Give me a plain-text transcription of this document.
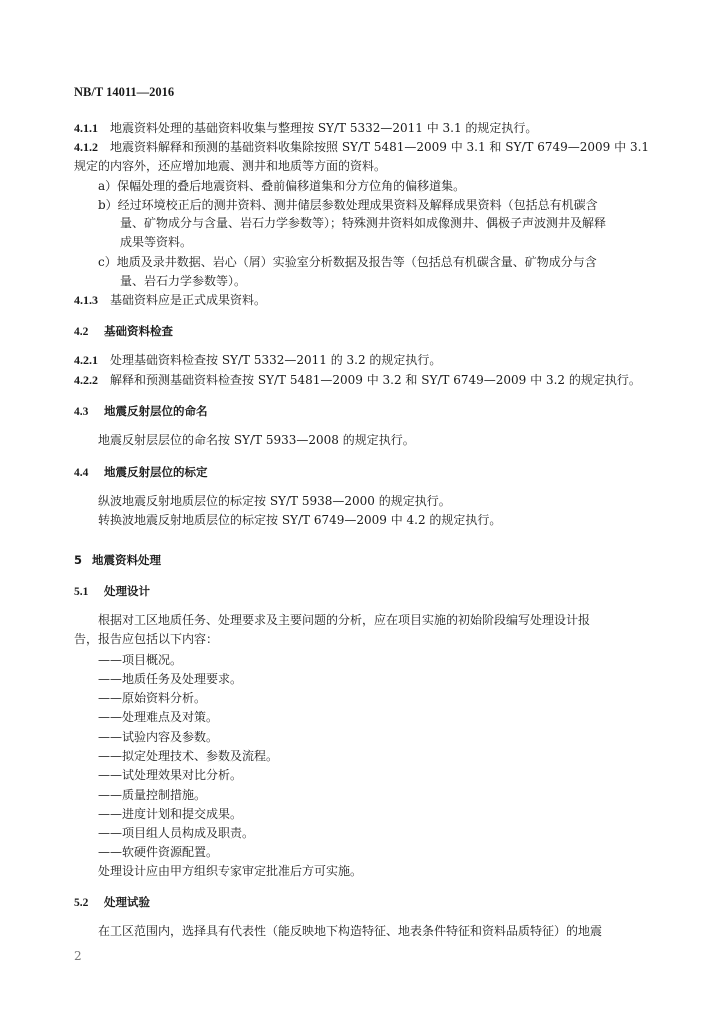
NB/T 14011—2016
4.1.1 地震资料处理的基础资料收集与整理按 SY/T 5332—2011 中 3.1 的规定执行。
4.1.2 地震资料解释和预测的基础资料收集除按照 SY/T 5481—2009 中 3.1 和 SY/T 6749—2009 中 3.1
规定的内容外，还应增加地震、测井和地质等方面的资料。
a）保幅处理的叠后地震资料、叠前偏移道集和分方位角的偏移道集。
b）经过环境校正后的测井资料、测井储层参数处理成果资料及解释成果资料（包括总有机碳含
量、矿物成分与含量、岩石力学参数等）；特殊测井资料如成像测井、偶极子声波测井及解释
成果等资料。
c）地质及录井数据、岩心（屑）实验室分析数据及报告等（包括总有机碳含量、矿物成分与含
量、岩石力学参数等）。
4.1.3 基础资料应是正式成果资料。
4.2 基础资料检查
4.2.1 处理基础资料检查按 SY/T 5332—2011 的 3.2 的规定执行。
4.2.2 解释和预测基础资料检查按 SY/T 5481—2009 中 3.2 和 SY/T 6749—2009 中 3.2 的规定执行。
4.3 地震反射层位的命名
地震反射层层位的命名按 SY/T 5933—2008 的规定执行。
4.4 地震反射层位的标定
纵波地震反射地质层位的标定按 SY/T 5938—2000 的规定执行。
转换波地震反射地质层位的标定按 SY/T 6749—2009 中 4.2 的规定执行。
5 地震资料处理
5.1 处理设计
根据对工区地质任务、处理要求及主要问题的分析，应在项目实施的初始阶段编写处理设计报
告，报告应包括以下内容：
——项目概况。
——地质任务及处理要求。
——原始资料分析。
——处理难点及对策。
——试验内容及参数。
——拟定处理技术、参数及流程。
——试处理效果对比分析。
——质量控制措施。
——进度计划和提交成果。
——项目组人员构成及职责。
——软硬件资源配置。
处理设计应由甲方组织专家审定批准后方可实施。
5.2 处理试验
在工区范围内，选择具有代表性（能反映地下构造特征、地表条件特征和资料品质特征）的地震
2
